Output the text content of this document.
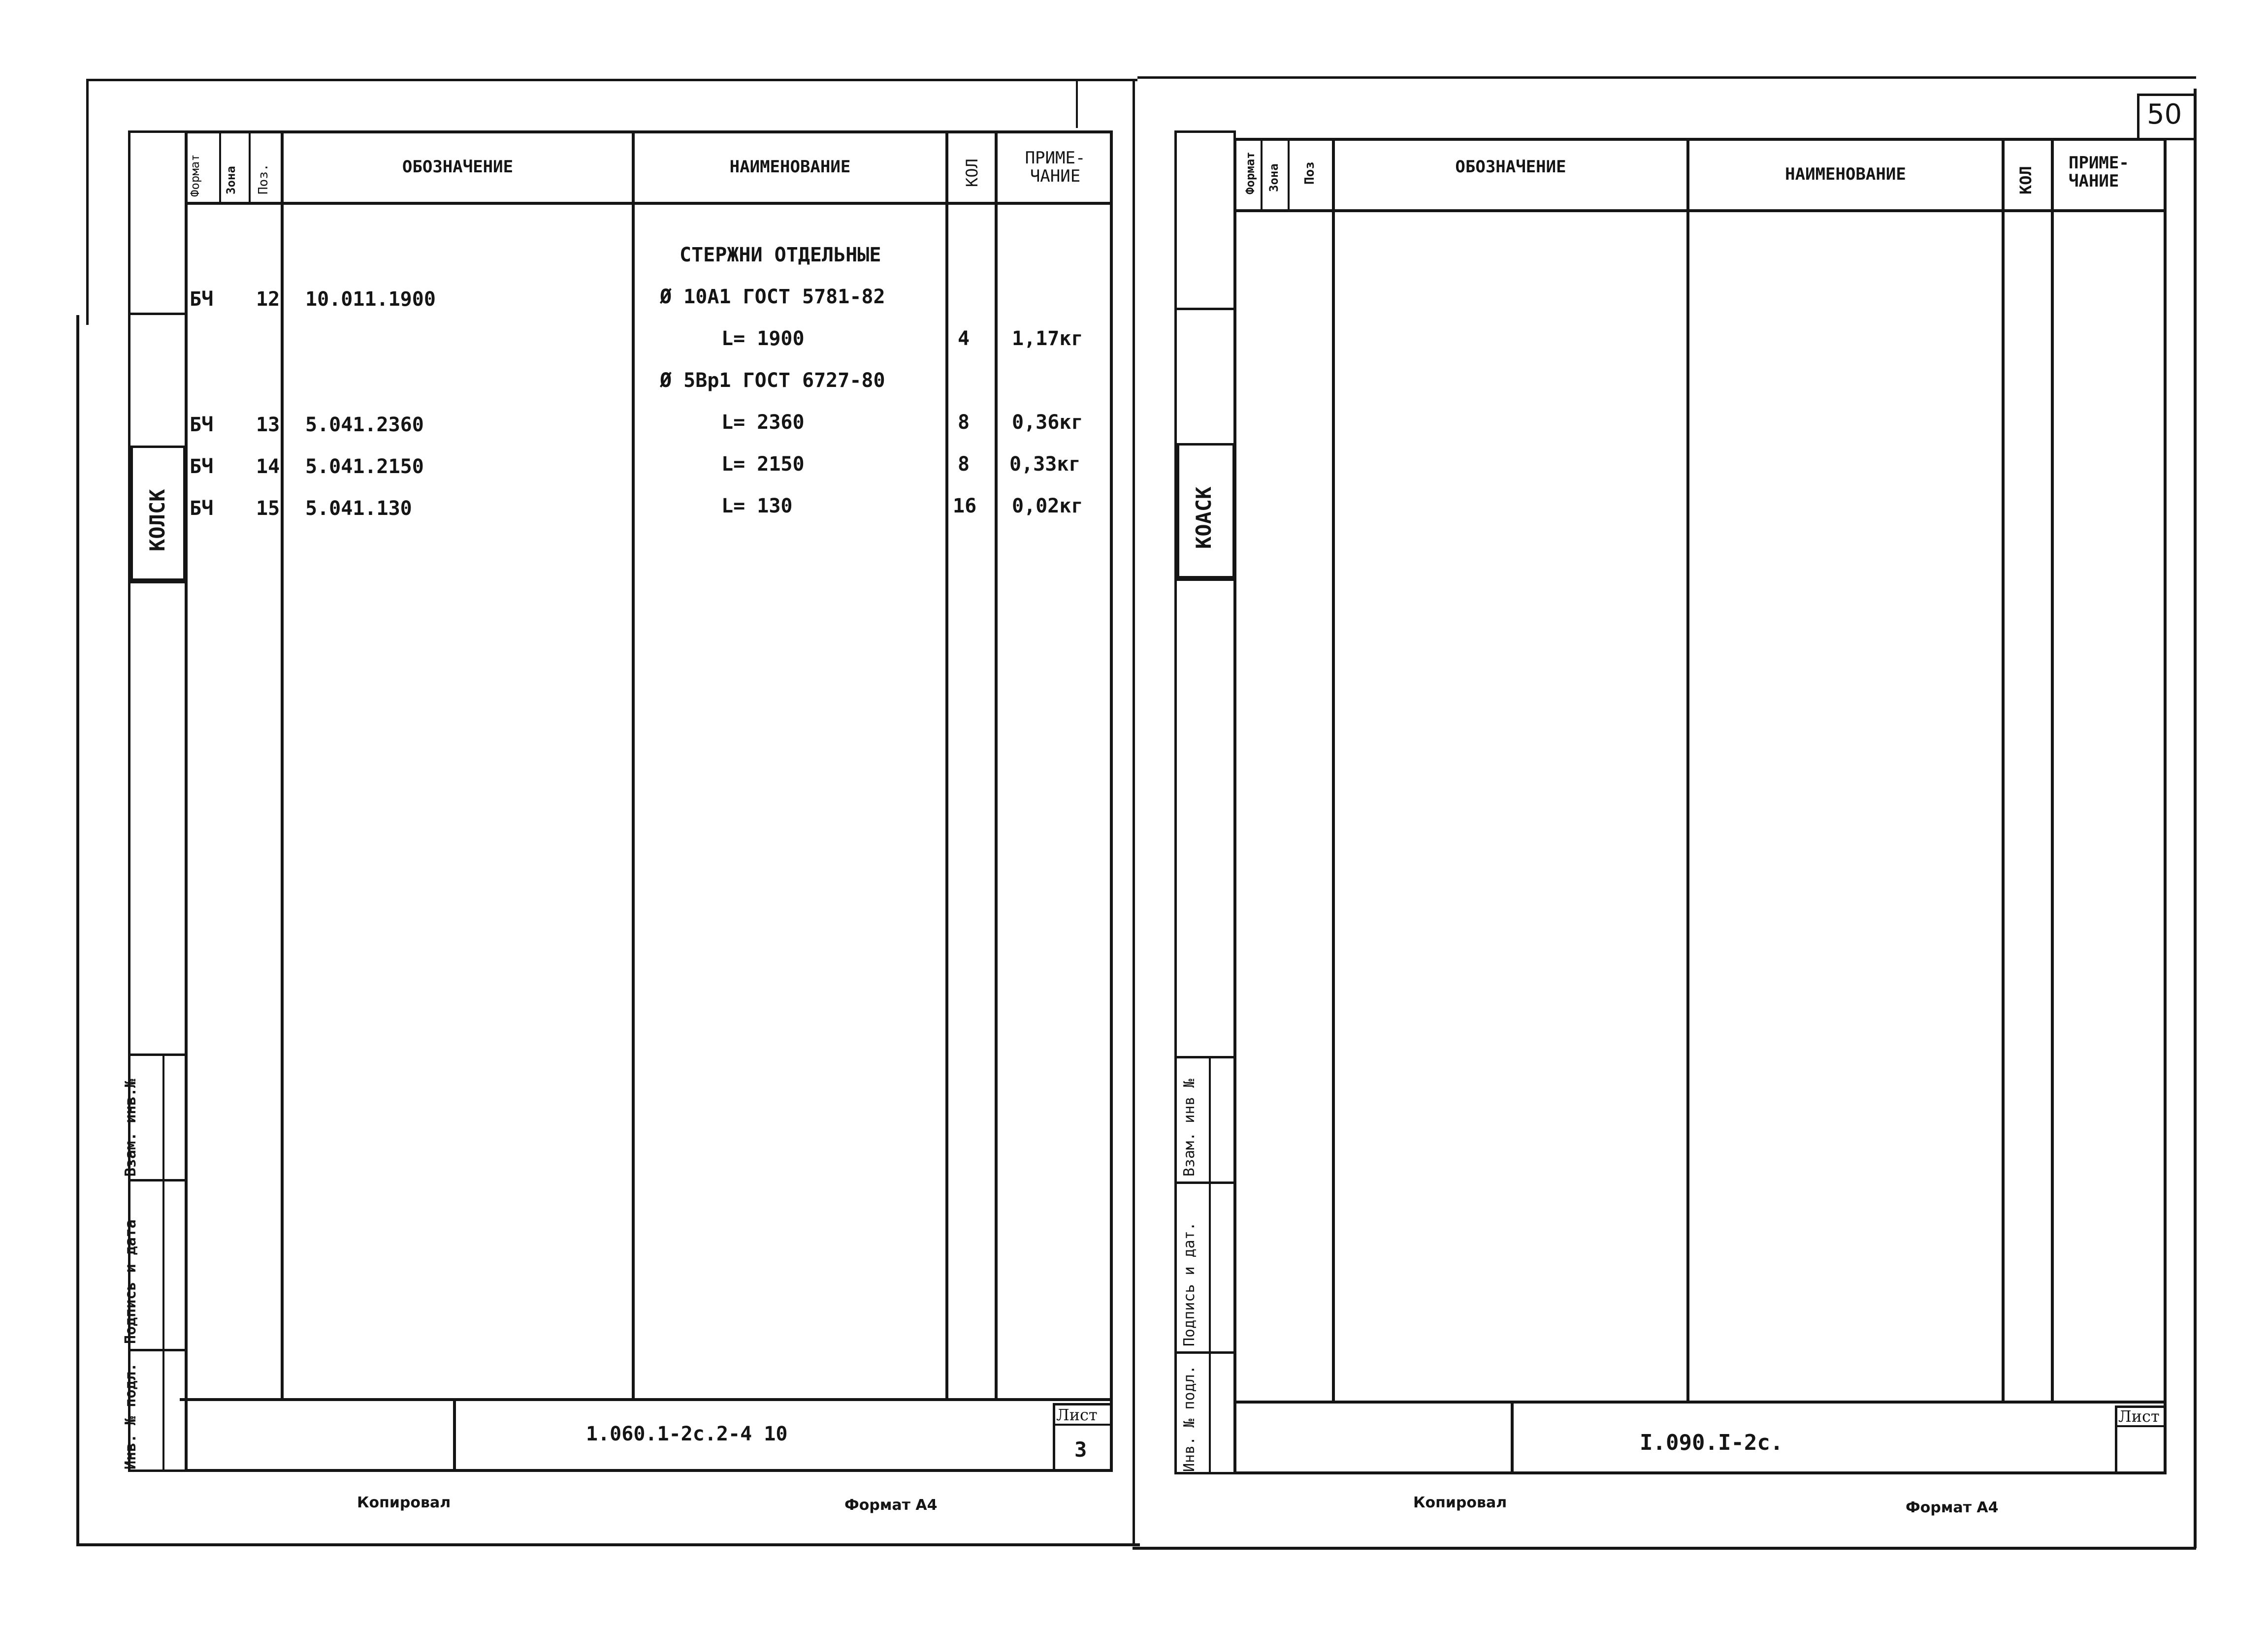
50
КОЛСК
Взам. инв.№
Подпись и дата
Инв. № подл.
Формат Зона Поз.	ОБОЗНАЧЕНИЕ	НАИМЕНОВАНИЕ	КОЛ
ПРИМЕ-
ЧАНИЕ
СТЕРЖНИ ОТДЕЛЬНЫЕ
БЧ 12 10.011.1900	Ø 10А1 ГОСТ 5781-82
L= 1900	4 1,17кг
Ø 5Вр1 ГОСТ 6727-80
БЧ 13 5.041.2360	L= 2360	8 0,36кг
БЧ 14 5.041.2150	L= 2150	8 0,33кг
БЧ 15 5.041.130	L= 130	16 0,02кг
1.060.1-2с.2-4 10
Лист
3
Копировал	Формат А4
КОАСК
Взам. инв №
Подпись и дат.
Инв. № подл.
Формат Зона Поз	ОБОЗНАЧЕНИЕ	НАИМЕНОВАНИЕ	КОЛ
ПРИМЕ-
ЧАНИЕ
I.090.I-2с.
Лист
Копировал	Формат А4
